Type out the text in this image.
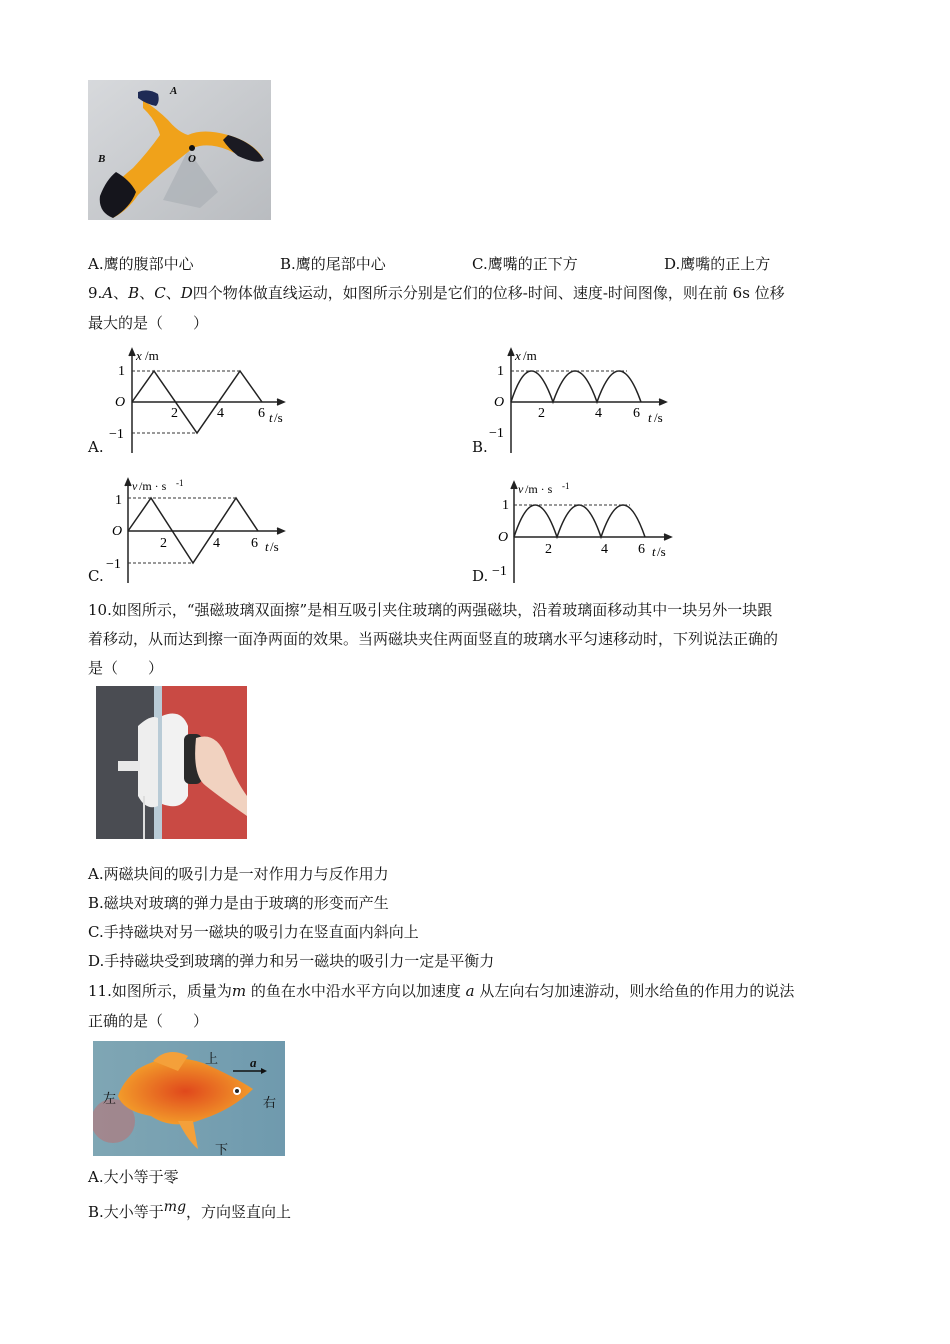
A
B	O
A.鹰的腹部中心	B.鹰的尾部中心	C.鹰嘴的正下方	D.鹰嘴的正上方
9.A、B、C、D四个物体做直线运动，如图所示分别是它们的位移-时间、速度-时间图像，则在前 6s 位移
最大的是（　　）
A.
x /m
1
O
−1
2	4 6 t /s
B.
x /m
1
O
−1
2	4 6 t /s
C.
v /m · s -1
1
O
−1
2	4 6 t /s
D.
v /m · s -1
1
O
−1
2	4 6 t /s
10.如图所示，“强磁玻璃双面擦”是相互吸引夹住玻璃的两强磁块，沿着玻璃面移动其中一块另外一块跟
着移动，从而达到擦一面净两面的效果。当两磁块夹住两面竖直的玻璃水平匀速移动时，下列说法正确的
是（　　）
A.两磁块间的吸引力是一对作用力与反作用力
B.磁块对玻璃的弹力是由于玻璃的形变而产生
C.手持磁块对另一磁块的吸引力在竖直面内斜向上
D.手持磁块受到玻璃的弹力和另一磁块的吸引力一定是平衡力
11.如图所示，质量为m 的鱼在水中沿水平方向以加速度 a 从左向右匀加速游动，则水给鱼的作用力的说法
正确的是（　　）
上 a
左	右
下
A.大小等于零
B.大小等于$^{mg}$，方向竖直向上
